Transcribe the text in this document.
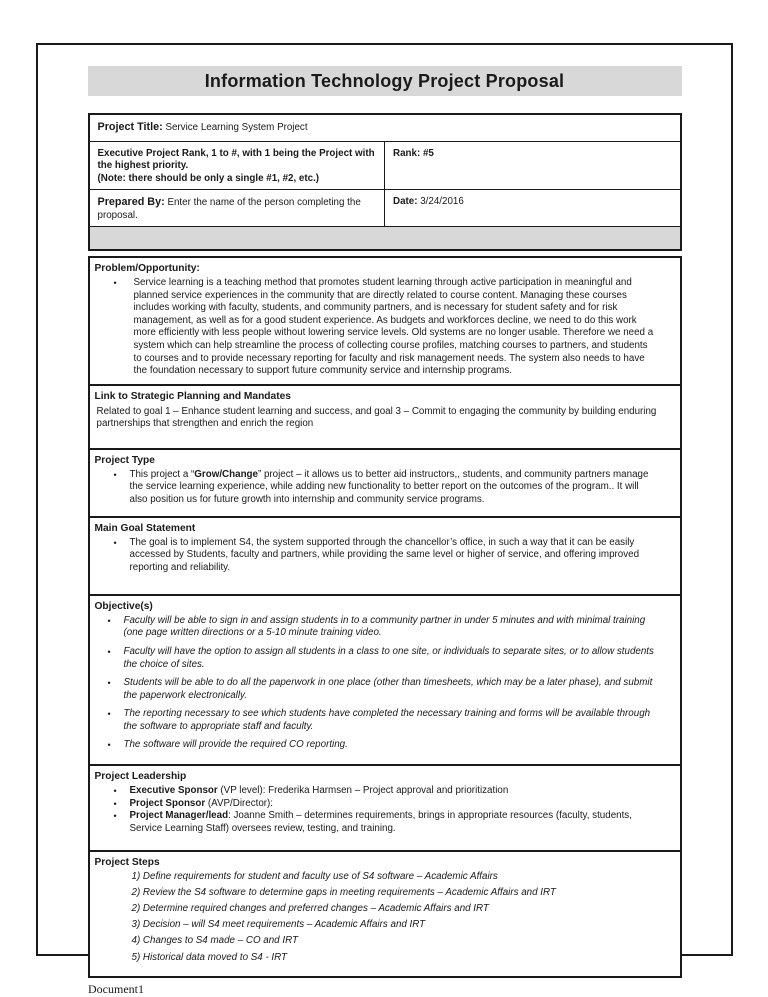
Information Technology Project Proposal
Project Title: Service Learning System Project	

Executive Project Rank, 1 to #, with 1 being the Project with the highest priority.
(Note: there should be only a single #1, #2, etc.)	Rank: #5
Prepared By: Enter the name of the person completing the proposal.	Date: 3/24/2016

Problem/Opportunity:
•	Service learning is a teaching method that promotes student learning through active participation in meaningful and planned service experiences in the community that are directly related to course content. Managing these courses includes working with faculty, students, and community partners, and is necessary for student safety and for risk management, as well as for a good student experience. As budgets and workforces decline, we need to do this work more efficiently with less people without lowering service levels. Old systems are no longer usable. Therefore we need a system which can help streamline the process of collecting course profiles, matching courses to partners, and students to courses and to provide necessary reporting for faculty and risk management needs. The system also needs to have the foundation necessary to support future community service and internship programs.
Link to Strategic Planning and Mandates
Related to goal 1 – Enhance student learning and success, and goal 3 – Commit to engaging the community by building enduring partnerships that strengthen and enrich the region
Project Type
•	This project a “Grow/Change” project – it allows us to better aid instructors,, students, and community partners manage the service learning experience, while adding new functionality to better report on the outcomes of the program.. It will also position us for future growth into internship and community service programs.
Main Goal Statement
•	The goal is to implement S4, the system supported through the chancellor’s office, in such a way that it can be easily accessed by Students, faculty and partners, while providing the same level or higher of service, and offering improved reporting and reliability.
Objective(s)
•	Faculty will be able to sign in and assign students in to a community partner in under 5 minutes and with minimal training (one page written directions or a 5-10 minute training video.
•	Faculty will have the option to assign all students in a class to one site, or individuals to separate sites, or to allow students the choice of sites.
•	Students will be able to do all the paperwork in one place (other than timesheets, which may be a later phase), and submit the paperwork electronically.
•	The reporting necessary to see which students have completed the necessary training and forms will be available through the software to appropriate staff and faculty.
•	The software will provide the required CO reporting.
Project Leadership
•	Executive Sponsor (VP level): Frederika Harmsen – Project approval and prioritization
•	Project Sponsor (AVP/Director):
•	Project Manager/lead: Joanne Smith – determines requirements, brings in appropriate resources (faculty, students, Service Learning Staff) oversees review, testing, and training.
Project Steps
1) Define requirements for student and faculty use of S4 software – Academic Affairs
2) Review the S4 software to determine gaps in meeting requirements – Academic Affairs and IRT
2) Determine required changes and preferred changes – Academic Affairs and IRT
3) Decision – will S4 meet requirements – Academic Affairs and IRT
4) Changes to S4 made – CO and IRT
5) Historical data moved to S4 - IRT
Document1
